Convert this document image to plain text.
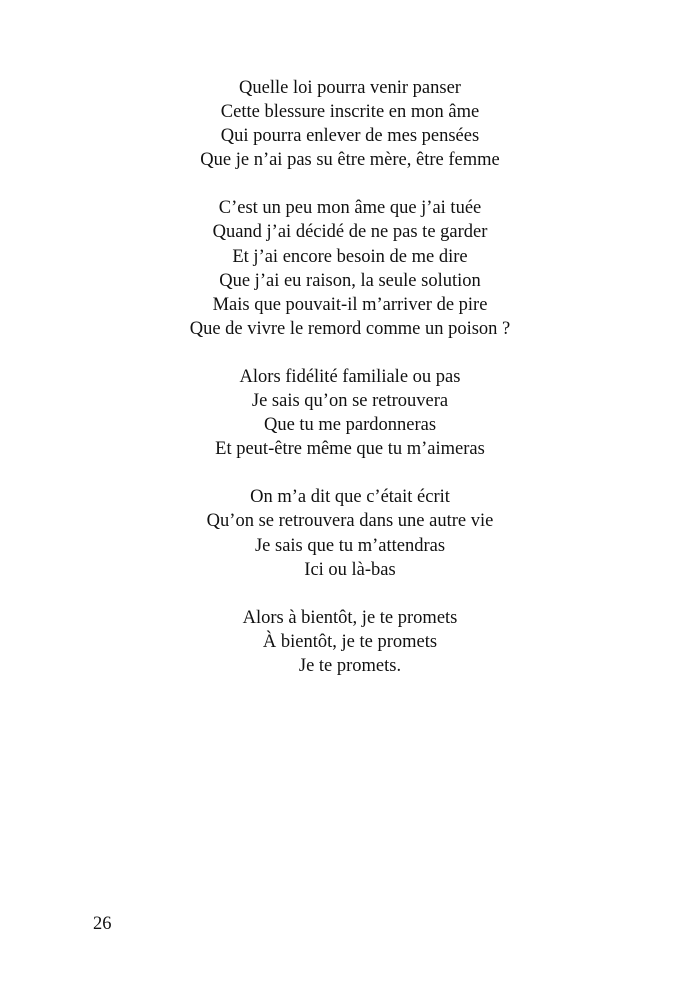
Quelle loi pourra venir panser
Cette blessure inscrite en mon âme
Qui pourra enlever de mes pensées
Que je n’ai pas su être mère, être femme
C’est un peu mon âme que j’ai tuée
Quand j’ai décidé de ne pas te garder
Et j’ai encore besoin de me dire
Que j’ai eu raison, la seule solution
Mais que pouvait-il m’arriver de pire
Que de vivre le remord comme un poison ?
Alors fidélité familiale ou pas
Je sais qu’on se retrouvera
Que tu me pardonneras
Et peut-être même que tu m’aimeras
On m’a dit que c’était écrit
Qu’on se retrouvera dans une autre vie
Je sais que tu m’attendras
Ici ou là-bas
Alors à bientôt, je te promets
À bientôt, je te promets
Je te promets.
26
